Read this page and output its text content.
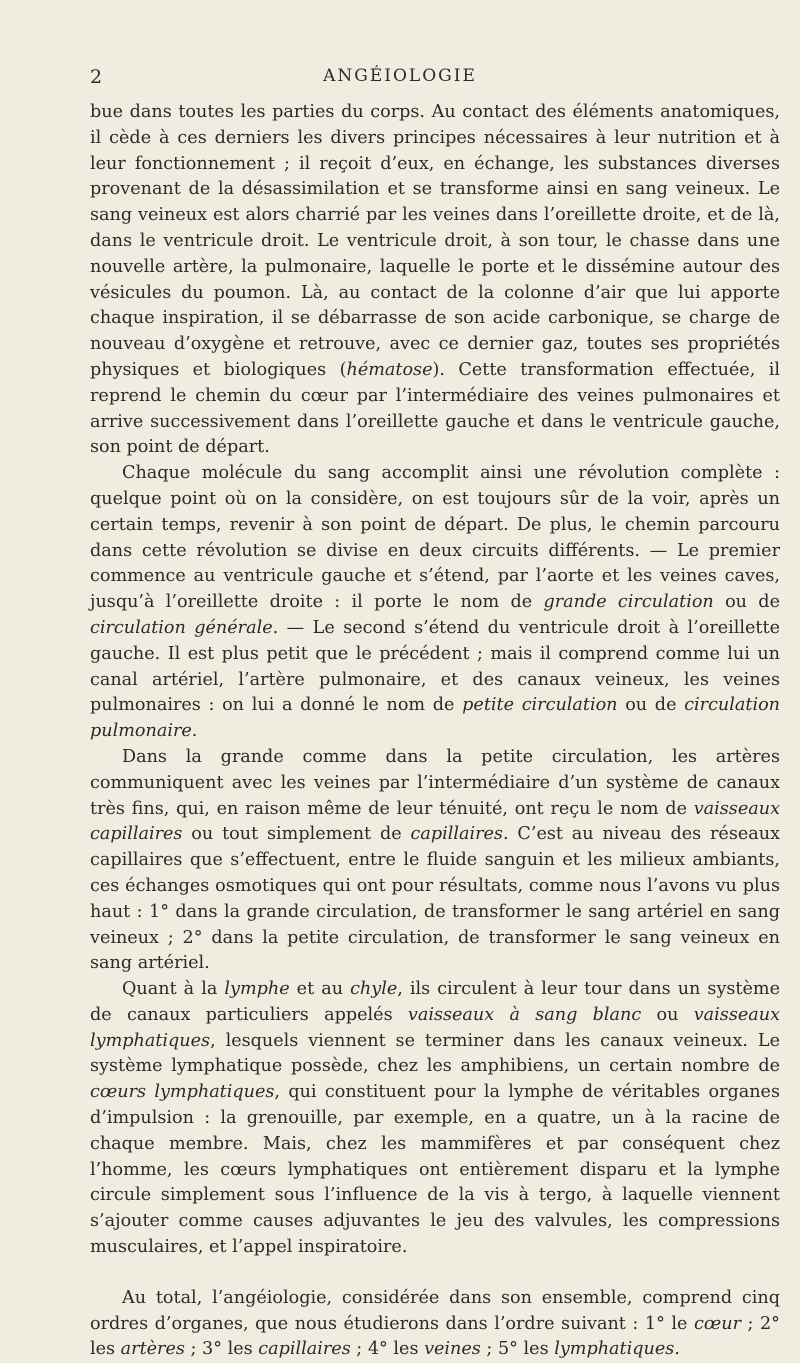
2	ANGÉIOLOGIE

bue dans toutes les parties du corps. Au contact des éléments anatomiques, il cède à ces derniers les divers principes nécessaires à leur nutrition et à leur fonctionnement ; il reçoit d’eux, en échange, les substances diverses provenant de la désassimilation et se transforme ainsi en sang veineux. Le sang veineux est alors charrié par les veines dans l’oreillette droite, et de là, dans le ventricule droit. Le ventricule droit, à son tour, le chasse dans une nouvelle artère, la pulmonaire, laquelle le porte et le dissémine autour des vésicules du poumon. Là, au contact de la colonne d’air que lui apporte chaque inspiration, il se débarrasse de son acide carbonique, se charge de nouveau d’oxygène et retrouve, avec ce dernier gaz, toutes ses propriétés physiques et biologiques (hématose). Cette transformation effectuée, il reprend le chemin du cœur par l’intermédiaire des veines pulmonaires et arrive successivement dans l’oreillette gauche et dans le ventricule gauche, son point de départ.

Chaque molécule du sang accomplit ainsi une révolution complète : quelque point où on la considère, on est toujours sûr de la voir, après un certain temps, revenir à son point de départ. De plus, le chemin parcouru dans cette révolution se divise en deux circuits différents. — Le premier commence au ventricule gauche et s’étend, par l’aorte et les veines caves, jusqu’à l’oreillette droite : il porte le nom de grande circulation ou de circulation générale. — Le second s’étend du ventricule droit à l’oreillette gauche. Il est plus petit que le précédent ; mais il comprend comme lui un canal artériel, l’artère pulmonaire, et des canaux veineux, les veines pulmonaires : on lui a donné le nom de petite circulation ou de circulation pulmonaire.

Dans la grande comme dans la petite circulation, les artères communiquent avec les veines par l’intermédiaire d’un système de canaux très fins, qui, en raison même de leur ténuité, ont reçu le nom de vaisseaux capillaires ou tout simplement de capillaires. C’est au niveau des réseaux capillaires que s’effectuent, entre le fluide sanguin et les milieux ambiants, ces échanges osmotiques qui ont pour résultats, comme nous l’avons vu plus haut : 1° dans la grande circulation, de transformer le sang artériel en sang veineux ; 2° dans la petite circulation, de transformer le sang veineux en sang artériel.

Quant à la lymphe et au chyle, ils circulent à leur tour dans un système de canaux particuliers appelés vaisseaux à sang blanc ou vaisseaux lymphatiques, lesquels viennent se terminer dans les canaux veineux. Le système lymphatique possède, chez les amphibiens, un certain nombre de cœurs lymphatiques, qui constituent pour la lymphe de véritables organes d’impulsion : la grenouille, par exemple, en a quatre, un à la racine de chaque membre. Mais, chez les mammifères et par conséquent chez l’homme, les cœurs lymphatiques ont entièrement disparu et la lymphe circule simplement sous l’influence de la vis à tergo, à laquelle viennent s’ajouter comme causes adjuvantes le jeu des valvules, les compressions musculaires, et l’appel inspiratoire.

Au total, l’angéiologie, considérée dans son ensemble, comprend cinq ordres d’organes, que nous étudierons dans l’ordre suivant : 1° le cœur ; 2° les artères ; 3° les capillaires ; 4° les veines ; 5° les lymphatiques.
